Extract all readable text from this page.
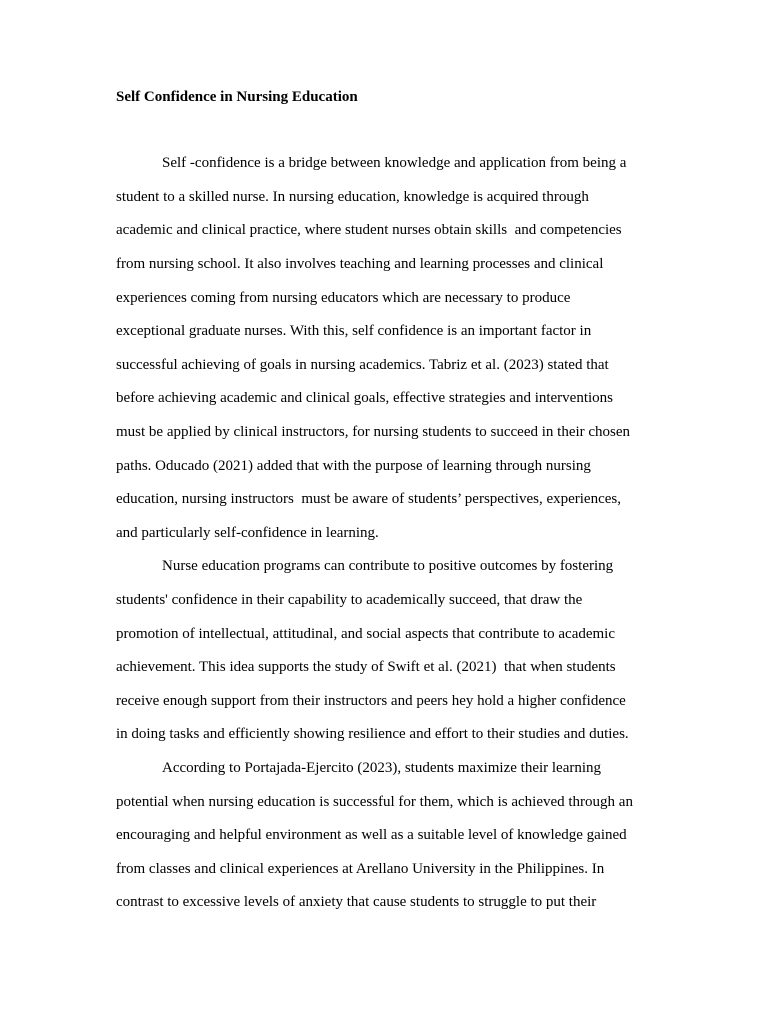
Self Confidence in Nursing Education
Self -confidence is a bridge between knowledge and application from being a
student to a skilled nurse. In nursing education, knowledge is acquired through
academic and clinical practice, where student nurses obtain skills  and competencies
from nursing school. It also involves teaching and learning processes and clinical
experiences coming from nursing educators which are necessary to produce
exceptional graduate nurses. With this, self confidence is an important factor in
successful achieving of goals in nursing academics. Tabriz et al. (2023) stated that
before achieving academic and clinical goals, effective strategies and interventions
must be applied by clinical instructors, for nursing students to succeed in their chosen
paths. Oducado (2021) added that with the purpose of learning through nursing
education, nursing instructors  must be aware of students’ perspectives, experiences,
and particularly self-confidence in learning.
Nurse education programs can contribute to positive outcomes by fostering
students' confidence in their capability to academically succeed, that draw the
promotion of intellectual, attitudinal, and social aspects that contribute to academic
achievement. This idea supports the study of Swift et al. (2021)  that when students
receive enough support from their instructors and peers hey hold a higher confidence
in doing tasks and efficiently showing resilience and effort to their studies and duties.
According to Portajada-Ejercito (2023), students maximize their learning
potential when nursing education is successful for them, which is achieved through an
encouraging and helpful environment as well as a suitable level of knowledge gained
from classes and clinical experiences at Arellano University in the Philippines. In
contrast to excessive levels of anxiety that cause students to struggle to put their
